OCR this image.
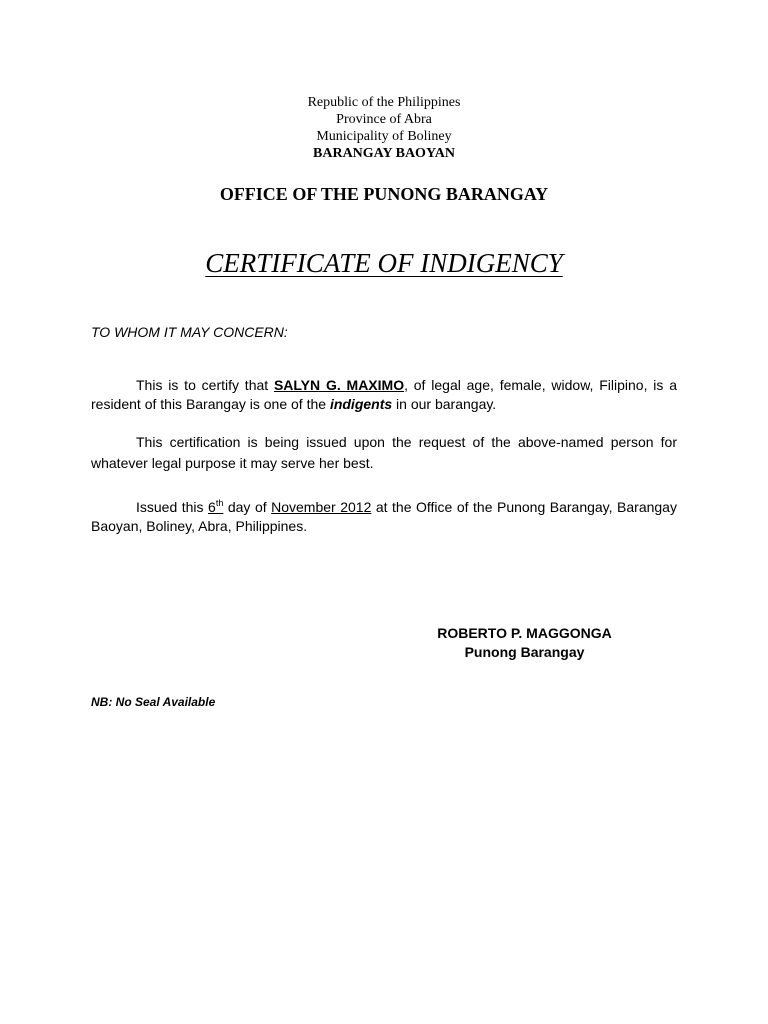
Republic of the Philippines
Province of Abra
Municipality of Boliney
BARANGAY BAOYAN
OFFICE OF THE PUNONG BARANGAY
CERTIFICATE OF INDIGENCY
TO WHOM IT MAY CONCERN:
This is to certify that SALYN G. MAXIMO, of legal age, female, widow, Filipino, is a resident of this Barangay is one of the indigents in our barangay.
This certification is being issued upon the request of the above-named person for whatever legal purpose it may serve her best.
Issued this 6th day of November 2012 at the Office of the Punong Barangay, Barangay Baoyan, Boliney, Abra, Philippines.
ROBERTO P. MAGGONGA
Punong Barangay
NB: No Seal Available
